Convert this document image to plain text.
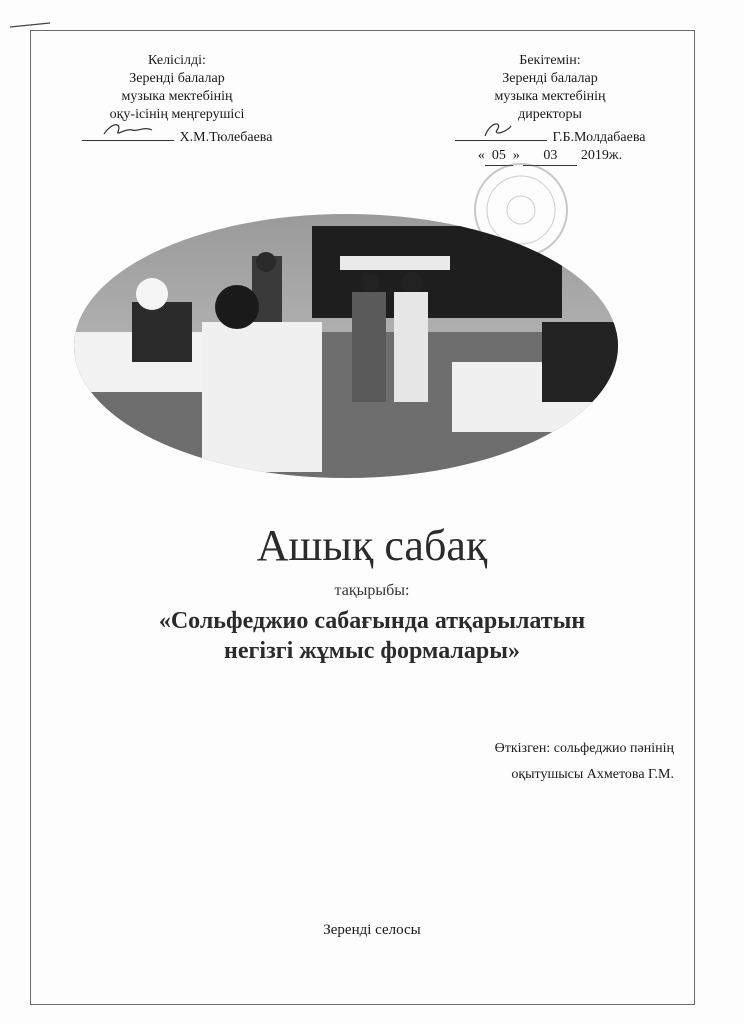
Келісілді:
Зеренді балалар
музыка мектебінің
оқу-ісінің меңгерушісі
Х.М.Тюлебаева
Бекітемін:
Зеренді балалар
музыка мектебінің
директоры
Г.Б.Молдабаева
« 05 » 03 2019ж.
Ашық сабақ
тақырыбы:
«Сольфеджио сабағында атқарылатын
негізгі жұмыс формалары»
Өткізген: сольфеджио пәнінің
оқытушысы Ахметова Г.М.
Зеренді селосы
